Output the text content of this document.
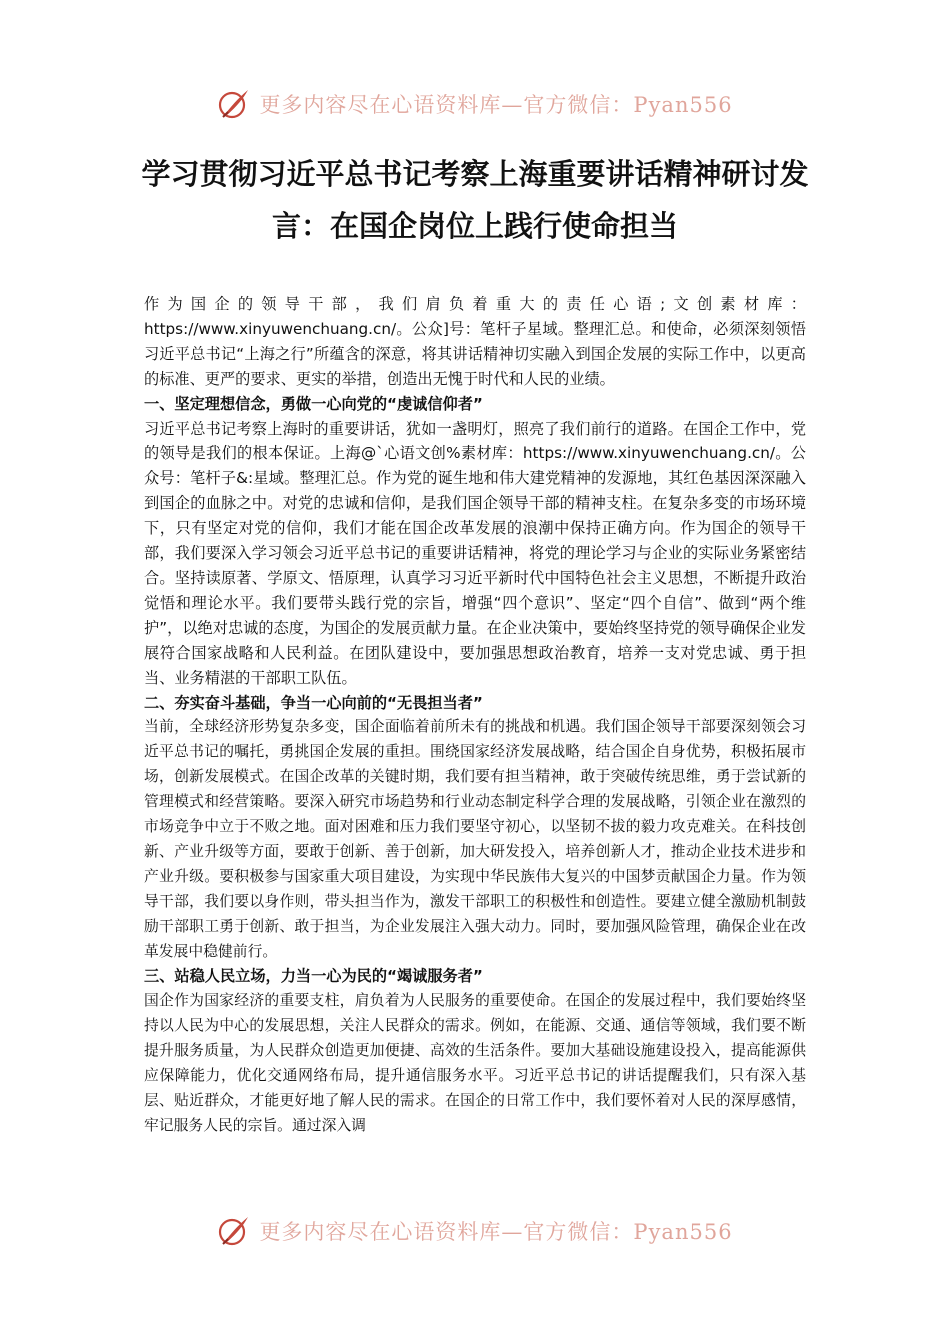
更多内容尽在心语资料库—官方微信：Pyan556
学习贯彻习近平总书记考察上海重要讲话精神研讨发言：在国企岗位上践行使命担当

作为国企的领导干部，我们肩负着重大的责任心语;文创素材库：https://www.xinyuwenchuang.cn/。公众]号：笔杆子星域。整理汇总。和使命，必须深刻领悟习近平总书记“上海之行”所蕴含的深意，将其讲话精神切实融入到国企发展的实际工作中，以更高的标准、更严的要求、更实的举措，创造出无愧于时代和人民的业绩。

一、坚定理想信念，勇做一心向党的“虔诚信仰者”

习近平总书记考察上海时的重要讲话，犹如一盏明灯，照亮了我们前行的道路。在国企工作中，党的领导是我们的根本保证。上海@`心语文创%素材库：https://www.xinyuwenchuang.cn/。公众号：笔杆子&:星域。整理汇总。作为党的诞生地和伟大建党精神的发源地，其红色基因深深融入到国企的血脉之中。对党的忠诚和信仰，是我们国企领导干部的精神支柱。在复杂多变的市场环境下，只有坚定对党的信仰，我们才能在国企改革发展的浪潮中保持正确方向。作为国企的领导干部，我们要深入学习领会习近平总书记的重要讲话精神，将党的理论学习与企业的实际业务紧密结合。坚持读原著、学原文、悟原理，认真学习习近平新时代中国特色社会主义思想，不断提升政治觉悟和理论水平。我们要带头践行党的宗旨，增强“四个意识”、坚定“四个自信”、做到“两个维护”，以绝对忠诚的态度，为国企的发展贡献力量。在企业决策中，要始终坚持党的领导确保企业发展符合国家战略和人民利益。在团队建设中，要加强思想政治教育，培养一支对党忠诚、勇于担当、业务精湛的干部职工队伍。

二、夯实奋斗基础，争当一心向前的“无畏担当者”

当前，全球经济形势复杂多变，国企面临着前所未有的挑战和机遇。我们国企领导干部要深刻领会习近平总书记的嘱托，勇挑国企发展的重担。围绕国家经济发展战略，结合国企自身优势，积极拓展市场，创新发展模式。在国企改革的关键时期，我们要有担当精神，敢于突破传统思维，勇于尝试新的管理模式和经营策略。要深入研究市场趋势和行业动态制定科学合理的发展战略，引领企业在激烈的市场竞争中立于不败之地。面对困难和压力我们要坚守初心，以坚韧不拔的毅力攻克难关。在科技创新、产业升级等方面，要敢于创新、善于创新，加大研发投入，培养创新人才，推动企业技术进步和产业升级。要积极参与国家重大项目建设，为实现中华民族伟大复兴的中国梦贡献国企力量。作为领导干部，我们要以身作则，带头担当作为，激发干部职工的积极性和创造性。要建立健全激励机制鼓励干部职工勇于创新、敢于担当，为企业发展注入强大动力。同时，要加强风险管理，确保企业在改革发展中稳健前行。

三、站稳人民立场，力当一心为民的“竭诚服务者”

国企作为国家经济的重要支柱，肩负着为人民服务的重要使命。在国企的发展过程中，我们要始终坚持以人民为中心的发展思想，关注人民群众的需求。例如，在能源、交通、通信等领域，我们要不断提升服务质量，为人民群众创造更加便捷、高效的生活条件。要加大基础设施建设投入，提高能源供应保障能力，优化交通网络布局，提升通信服务水平。习近平总书记的讲话提醒我们，只有深入基层、贴近群众，才能更好地了解人民的需求。在国企的日常工作中，我们要怀着对人民的深厚感情，牢记服务人民的宗旨。通过深入调

更多内容尽在心语资料库—官方微信：Pyan556
